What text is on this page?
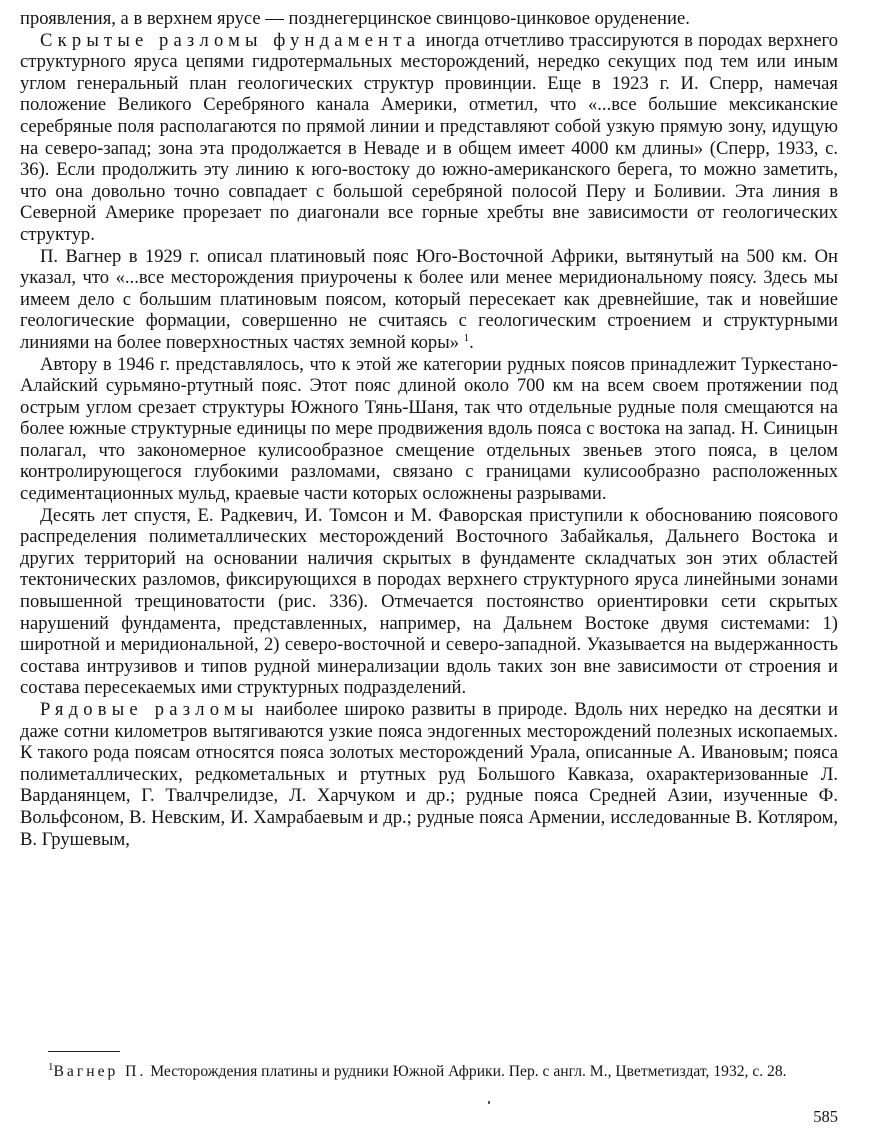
проявления, а в верхнем ярусе — позднегерцинское свинцово-цинковое оруденение.

Скрытые разломы фундамента иногда отчетливо трассируются в породах верхнего структурного яруса цепями гидротермальных месторождений, нередко секущих под тем или иным углом генеральный план геологических структур провинции. Еще в 1923 г. И. Сперр, намечая положение Великого Серебряного канала Америки, отметил, что «...все большие мексиканские серебряные поля располагаются по прямой линии и представляют собой узкую прямую зону, идущую на северо-запад; зона эта продолжается в Неваде и в общем имеет 4000 км длины» (Сперр, 1933, с. 36). Если продолжить эту линию к юго-востоку до южно-американского берега, то можно заметить, что она довольно точно совпадает с большой серебряной полосой Перу и Боливии. Эта линия в Северной Америке прорезает по диагонали все горные хребты вне зависимости от геологических структур.

П. Вагнер в 1929 г. описал платиновый пояс Юго-Восточной Африки, вытянутый на 500 км. Он указал, что «...все месторождения приурочены к более или менее меридиональному поясу. Здесь мы имеем дело с большим платиновым поясом, который пересекает как древнейшие, так и новейшие геологические формации, совершенно не считаясь с геологическим строением и структурными линиями на более поверхностных частях земной коры» $^1$.

Автору в 1946 г. представлялось, что к этой же категории рудных поясов принадлежит Туркестано-Алайский сурьмяно-ртутный пояс. Этот пояс длиной около 700 км на всем своем протяжении под острым углом срезает структуры Южного Тянь-Шаня, так что отдельные рудные поля смещаются на более южные структурные единицы по мере продвижения вдоль пояса с востока на запад. Н. Синицын полагал, что закономерное кулисообразное смещение отдельных звеньев этого пояса, в целом контролирующегося глубокими разломами, связано с границами кулисообразно расположенных седиментационных мульд, краевые части которых осложнены разрывами.

Десять лет спустя, Е. Радкевич, И. Томсон и М. Фаворская приступили к обоснованию поясового распределения полиметаллических месторождений Восточного Забайкалья, Дальнего Востока и других территорий на основании наличия скрытых в фундаменте складчатых зон этих областей тектонических разломов, фиксирующихся в породах верхнего структурного яруса линейными зонами повышенной трещиноватости (рис. 336). Отмечается постоянство ориентировки сети скрытых нарушений фундамента, представленных, например, на Дальнем Востоке двумя системами: 1) широтной и меридиональной, 2) северо-восточной и северо-западной. Указывается на выдержанность состава интрузивов и типов рудной минерализации вдоль таких зон вне зависимости от строения и состава пересекаемых ими структурных подразделений.

Рядовые разломы наиболее широко развиты в природе. Вдоль них нередко на десятки и даже сотни километров вытягиваются узкие пояса эндогенных месторождений полезных ископаемых. К такого рода поясам относятся пояса золотых месторождений Урала, описанные А. Ивановым; пояса полиметаллических, редкометальных и ртутных руд Большого Кавказа, охарактеризованные Л. Варданянцем, Г. Твалчрелидзе, Л. Харчуком и др.; рудные пояса Средней Азии, изученные Ф. Вольфсоном, В. Невским, И. Хамрабаевым и др.; рудные пояса Армении, исследованные В. Котляром, В. Грушевым,

$^1$Вагнер П. Месторождения платины и рудники Южной Африки. Пер. с англ. М., Цветметиздат, 1932, с. 28.
585
